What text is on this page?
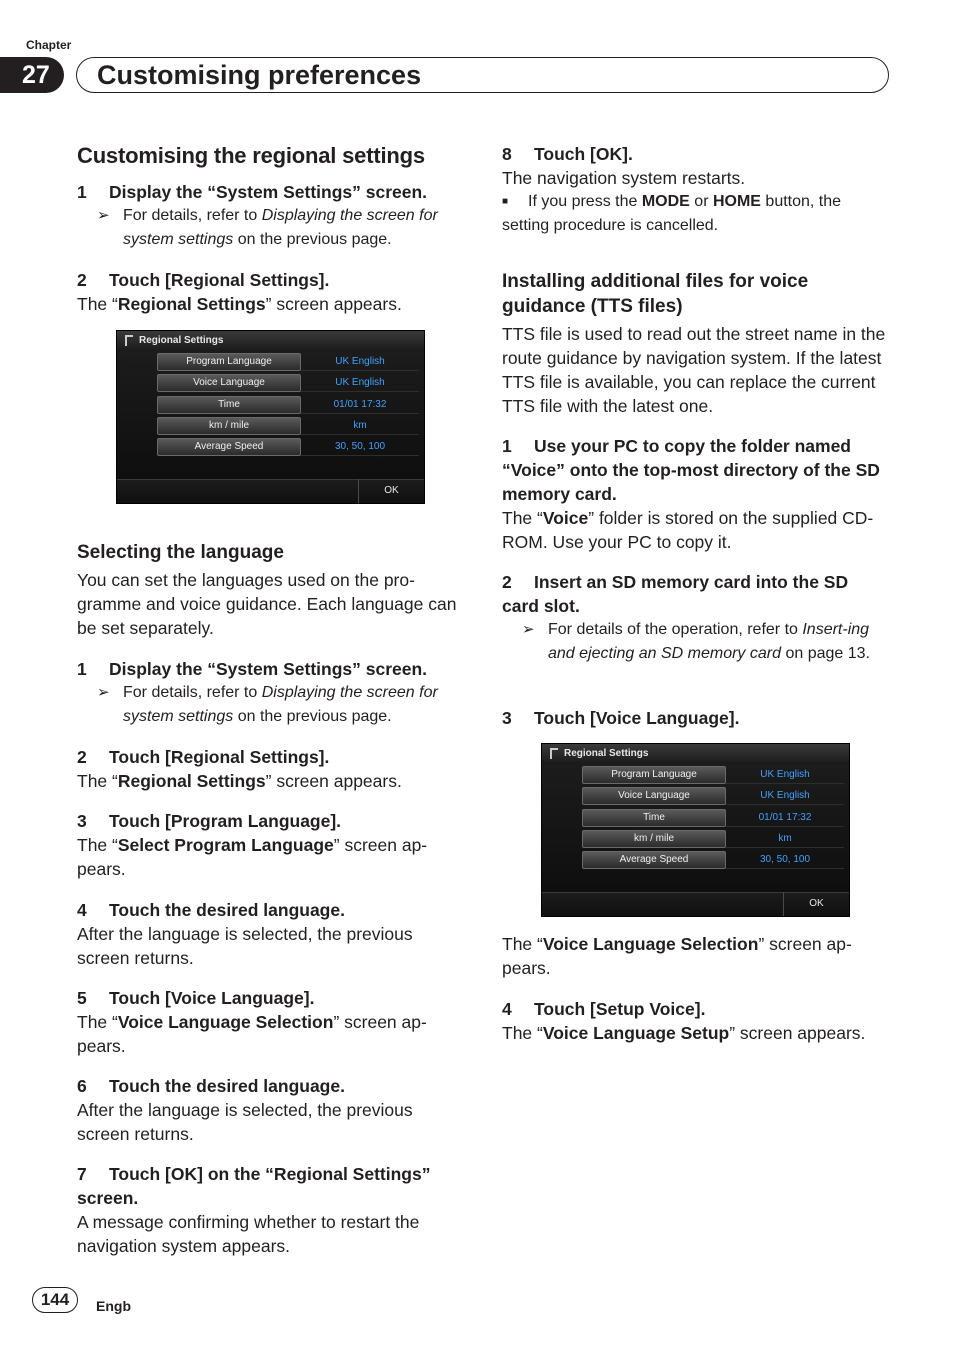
Chapter
27	Customising preferences
Customising the regional settings
1 Display the “System Settings” screen.
➢ For details, refer to Displaying the screen for system settings on the previous page.
2 Touch [Regional Settings].
The “Regional Settings” screen appears.
Regional Settings
Program Language	UK English
Voice Language	UK English
Time	01/01 17:32
km / mile	km
Average Speed	30, 50, 100
OK
Selecting the language
You can set the languages used on the pro-gramme and voice guidance. Each language can be set separately.
1 Display the “System Settings” screen.
➢ For details, refer to Displaying the screen for system settings on the previous page.
2 Touch [Regional Settings].
The “Regional Settings” screen appears.
3 Touch [Program Language].
The “Select Program Language” screen ap-pears.
4 Touch the desired language.
After the language is selected, the previous screen returns.
5 Touch [Voice Language].
The “Voice Language Selection” screen ap-pears.
6 Touch the desired language.
After the language is selected, the previous screen returns.
7 Touch [OK] on the “Regional Settings” screen.
A message confirming whether to restart the navigation system appears.
8 Touch [OK].
The navigation system restarts.
■ If you press the MODE or HOME button, the setting procedure is cancelled.
Installing additional files for voice guidance (TTS files)
TTS file is used to read out the street name in the route guidance by navigation system. If the latest TTS file is available, you can replace the current TTS file with the latest one.
1 Use your PC to copy the folder named “Voice” onto the top-most directory of the SD memory card.
The “Voice” folder is stored on the supplied CD-ROM. Use your PC to copy it.
2 Insert an SD memory card into the SD card slot.
➢ For details of the operation, refer to Insert-ing and ejecting an SD memory card on page 13.
3 Touch [Voice Language].
Regional Settings
Program Language	UK English
Voice Language	UK English
Time	01/01 17:32
km / mile	km
Average Speed	30, 50, 100
OK
The “Voice Language Selection” screen ap-pears.
4 Touch [Setup Voice].
The “Voice Language Setup” screen appears.
144	Engb
